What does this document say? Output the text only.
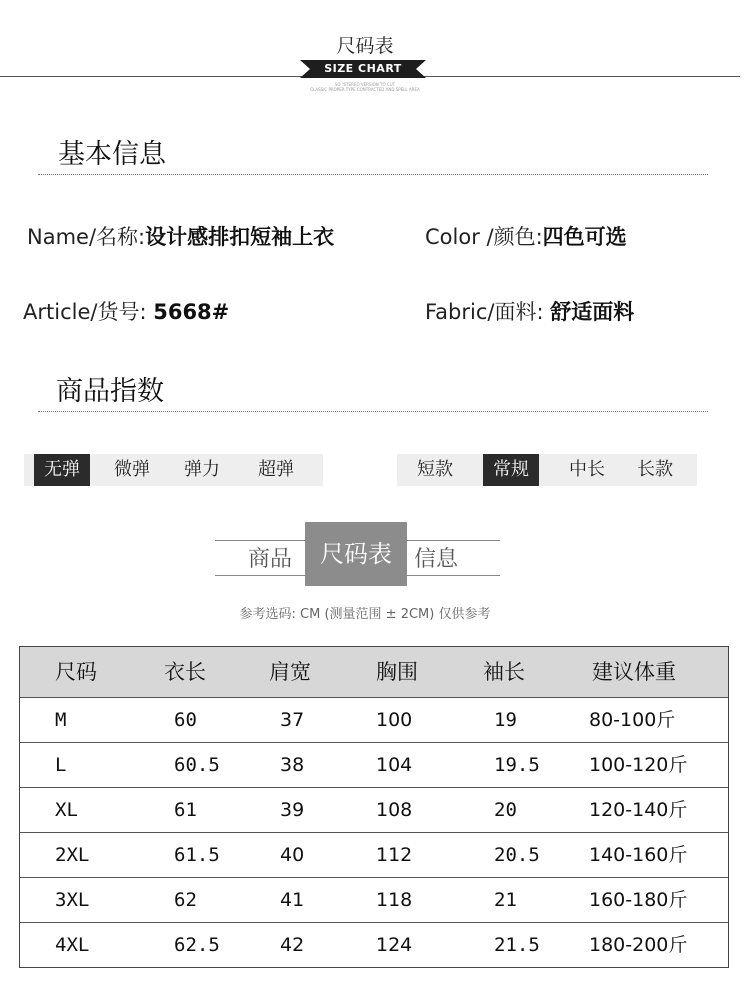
尺码表
SIZE CHART
SO "STEREO VERSION TO CUT
CLASSIC PROPER TYPE CONTRACTED AND SPELL AREA
基本信息
Name/名称:设计感排扣短袖上衣	Color /颜色:四色可选
Article/货号: 5668#	Fabric/面料: 舒适面料
商品指数
无弹	微弹	弹力	超弹	短款	常规	中长	长款
商品	尺码表	信息
参考选码: CM (测量范围 ± 2CM) 仅供参考
尺码	衣长	肩宽	胸围	袖长	建议体重
M	60	37	100	19	80-100斤
L	60.5	38	104	19.5	100-120斤
XL	61	39	108	20	120-140斤
2XL	61.5	40	112	20.5	140-160斤
3XL	62	41	118	21	160-180斤
4XL	62.5	42	124	21.5	180-200斤
